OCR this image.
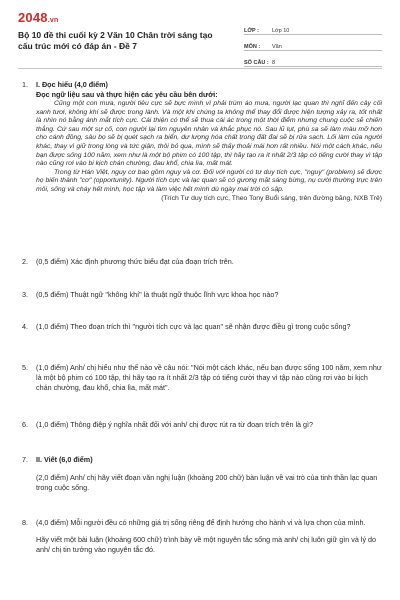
2048.vn
Bộ 10 đề thi cuối kỳ 2 Văn 10 Chân trời sáng tạo cấu trúc mới có đáp án - Đề 7
LỚP :	Lớp 10
MÔN :	Văn
SỐ CÂU : 8
1. I. Đọc hiểu (4,0 điểm)
Đọc ngữ liệu sau và thực hiện các yêu cầu bên dưới:

Cũng một con mưa, người tiêu cực sẽ bực mình vì phải trùm áo mưa, người lạc quan thì nghĩ đến cây cối xanh tươi, không khí sẽ được trong lành. Và một khi chúng ta không thể thay đổi được hiện tượng xảy ra, tốt nhất là nhìn nó bằng ánh mắt tích cực. Cái thiện có thể sẽ thua cái ác trong một thời điểm nhưng chung cuộc sẽ chiến thắng. Cứ sau một sự cố, con người lại tìm nguyên nhân và khắc phục nó. Sau lũ lụt, phù sa sẽ làm màu mỡ hơn cho cánh đồng, sâu bọ sẽ bị quét sạch ra biển, dư lượng hóa chất trong đất đai sẽ bị rửa sạch. Lối làm của người khác, thay vì giữ trong lòng và tức giận, thôi bỏ qua, mình sẽ thấy thoải mái hơn rất nhiều. Nói một cách khác, nếu bạn được sống 100 năm, xem như là một bộ phim có 100 tập, thì hãy tạo ra ít nhất 2/3 tập có tiếng cười thay vì tập nào cũng rơi vào bi kịch chán chường, đau khổ, chia lìa, mất mát.

Trong từ Hán Việt, nguy cơ bao gồm nguy và cơ. Đối với người có tư duy tích cực, "nguy" (problem) sẽ được họ biến thành "cơ" (opportunity). Người tích cực và lạc quan sẽ có gương mặt sáng bừng, nụ cười thường trực trên môi, sống và cháy hết mình, học tập và làm việc hết mình dù ngày mai trời có sập.

(Trích Tư duy tích cực, Theo Tony Buổi sáng, trên đường băng, NXB Trẻ)
2. (0,5 điểm) Xác định phương thức biểu đạt của đoạn trích trên.
3. (0,5 điểm) Thuật ngữ "không khí" là thuật ngữ thuộc lĩnh vực khoa học nào?
4. (1,0 điểm) Theo đoạn trích thì "người tích cực và lạc quan" sẽ nhận được điều gì trong cuộc sống?
5. (1,0 điểm) Anh/ chị hiểu như thế nào về câu nói: "Nói một cách khác, nếu bạn được sống 100 năm, xem như là một bộ phim có 100 tập, thì hãy tạo ra ít nhất 2/3 tập có tiếng cười thay vì tập nào cũng rơi vào bi kịch chán chường, đau khổ, chia lìa, mất mát".
6. (1,0 điểm) Thông điệp ý nghĩa nhất đối với anh/ chị được rút ra từ đoạn trích trên là gì?
7. II. Viết (6,0 điểm)
(2,0 điểm) Anh/ chị hãy viết đoạn văn nghị luận (khoảng 200 chữ) bàn luận về vai trò của tinh thần lạc quan trong cuộc sống.
8. (4,0 điểm) Mỗi người đều có những giá trị sống riêng để định hướng cho hành vi và lựa chọn của mình.
Hãy viết một bài luận (khoảng 600 chữ) trình bày về một nguyên tắc sống mà anh/ chị luôn giữ gìn và lý do anh/ chị tin tưởng vào nguyên tắc đó.
